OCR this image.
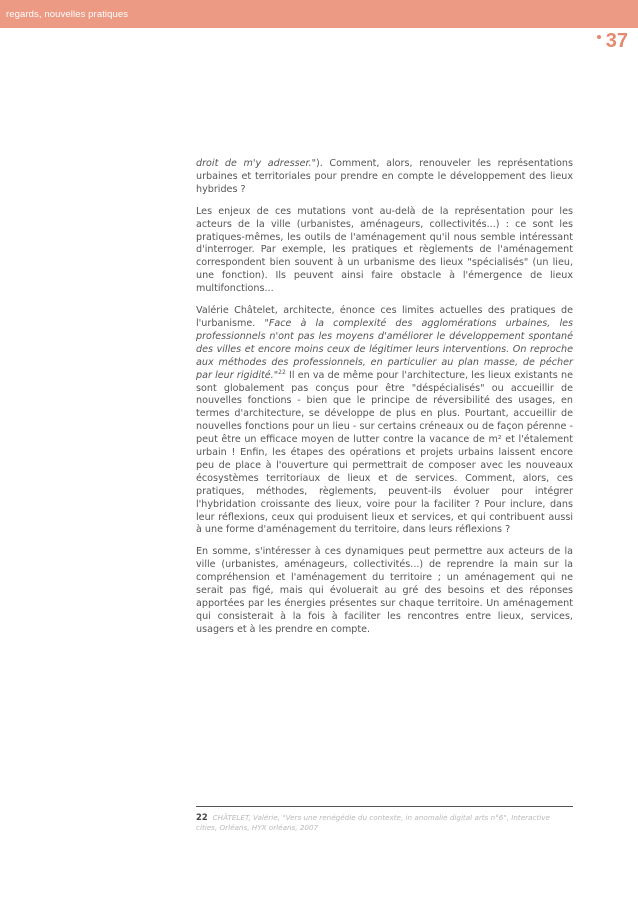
regards, nouvelles pratiques
37

droit de m'y adresser."). Comment, alors, renouveler les représentations urbaines et territoriales pour prendre en compte le développement des lieux hybrides ?

Les enjeux de ces mutations vont au-delà de la représentation pour les acteurs de la ville (urbanistes, aménageurs, collectivités...) : ce sont les pratiques-mêmes, les outils de l'aménagement qu'il nous semble intéressant d'interroger. Par exemple, les pratiques et règlements de l'aménagement correspondent bien souvent à un urbanisme des lieux "spécialisés" (un lieu, une fonction). Ils peuvent ainsi faire obstacle à l'émergence de lieux multifonctions...

Valérie Châtelet, architecte, énonce ces limites actuelles des pratiques de l'urbanisme. "Face à la complexité des agglomérations urbaines, les professionnels n'ont pas les moyens d'améliorer le développement spontané des villes et encore moins ceux de légitimer leurs interventions. On reproche aux méthodes des professionnels, en particulier au plan masse, de pécher par leur rigidité."$^{22}$ Il en va de même pour l'architecture, les lieux existants ne sont globalement pas conçus pour être "déspécialisés" ou accueillir de nouvelles fonctions - bien que le principe de réversibilité des usages, en termes d'architecture, se développe de plus en plus. Pourtant, accueillir de nouvelles fonctions pour un lieu - sur certains créneaux ou de façon pérenne - peut être un efficace moyen de lutter contre la vacance de m² et l'étalement urbain ! Enfin, les étapes des opérations et projets urbains laissent encore peu de place à l'ouverture qui permettrait de composer avec les nouveaux écosystèmes territoriaux de lieux et de services. Comment, alors, ces pratiques, méthodes, règlements, peuvent-ils évoluer pour intégrer l'hybridation croissante des lieux, voire pour la faciliter ? Pour inclure, dans leur réflexions, ceux qui produisent lieux et services, et qui contribuent aussi à une forme d'aménagement du territoire, dans leurs réflexions ?

En somme, s'intéresser à ces dynamiques peut permettre aux acteurs de la ville (urbanistes, aménageurs, collectivités...) de reprendre la main sur la compréhension et l'aménagement du territoire ; un aménagement qui ne serait pas figé, mais qui évoluerait au gré des besoins et des réponses apportées par les énergies présentes sur chaque territoire. Un aménagement qui consisterait à la fois à faciliter les rencontres entre lieux, services, usagers et à les prendre en compte.

22 CHÂTELET, Valérie, "Vers une renégédie du contexte, in anomalie digital arts n°6", Interactive cities, Orléans, HYX orléans, 2007
